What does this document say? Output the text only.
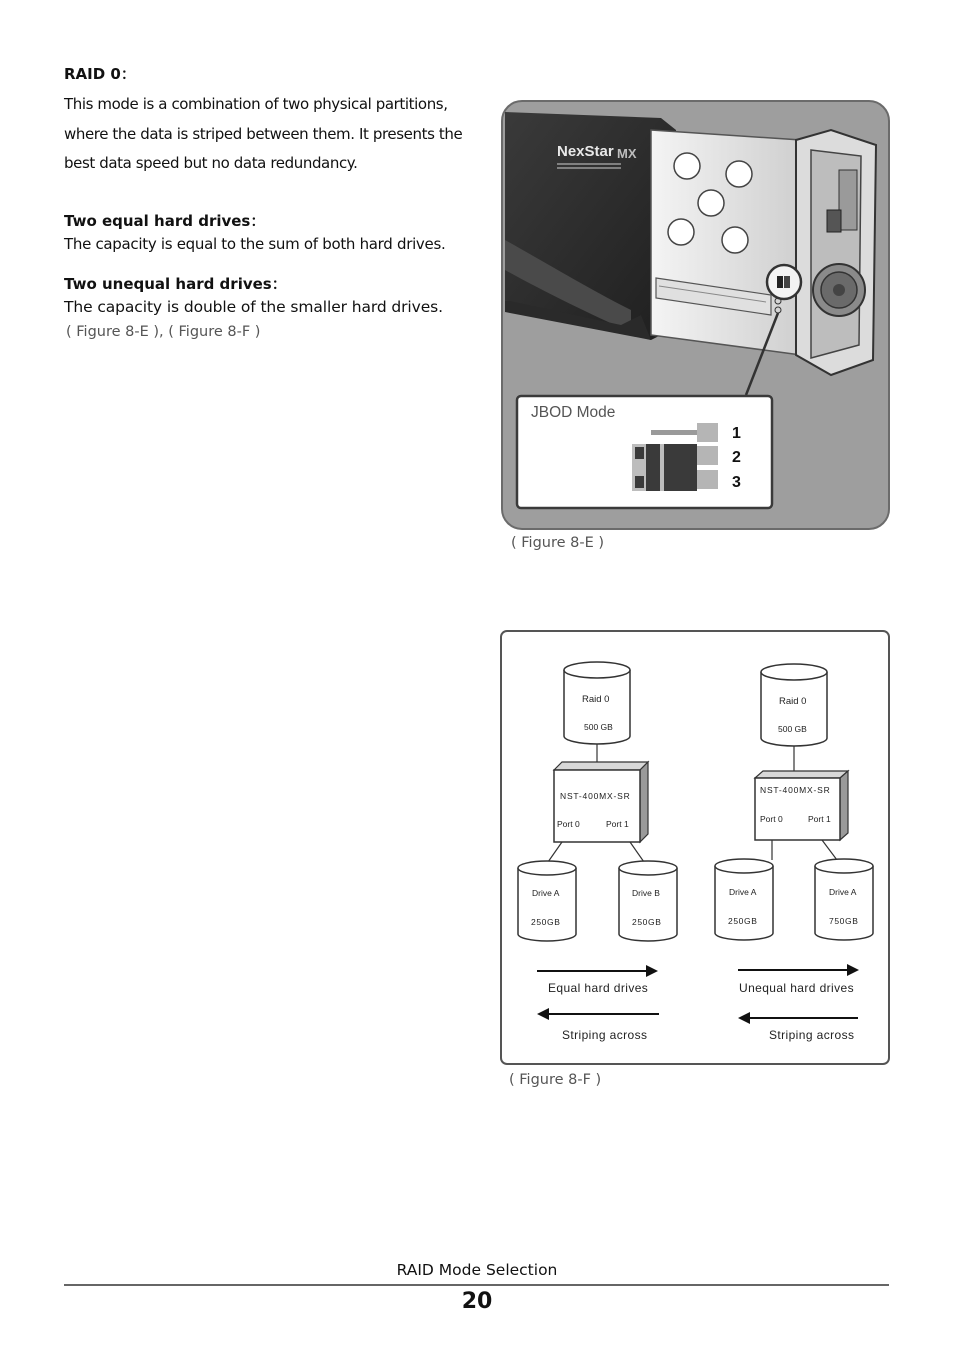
RAID 0：

This mode is a combination of two physical partitions, where the data is striped between them. It presents the best data speed but no data redundancy.

Two equal hard drives：

The capacity is equal to the sum of both hard drives.

Two unequal hard drives：

The capacity is double of the smaller hard drives.

( Figure 8-E ), ( Figure 8-F )
NexStar MX
JBOD Mode
1
2
3
( Figure 8-E )
Raid 0
500 GB
NST-400MX-SR
Port 0	Port 1
Drive A
250GB
Drive B
250GB
Equal hard drives
Striping across
Raid 0
500 GB
NST-400MX-SR
Port 0	Port 1
Drive A
250GB
Drive A
750GB
Unequal hard drives
Striping across
( Figure 8-F )
RAID Mode Selection
20
